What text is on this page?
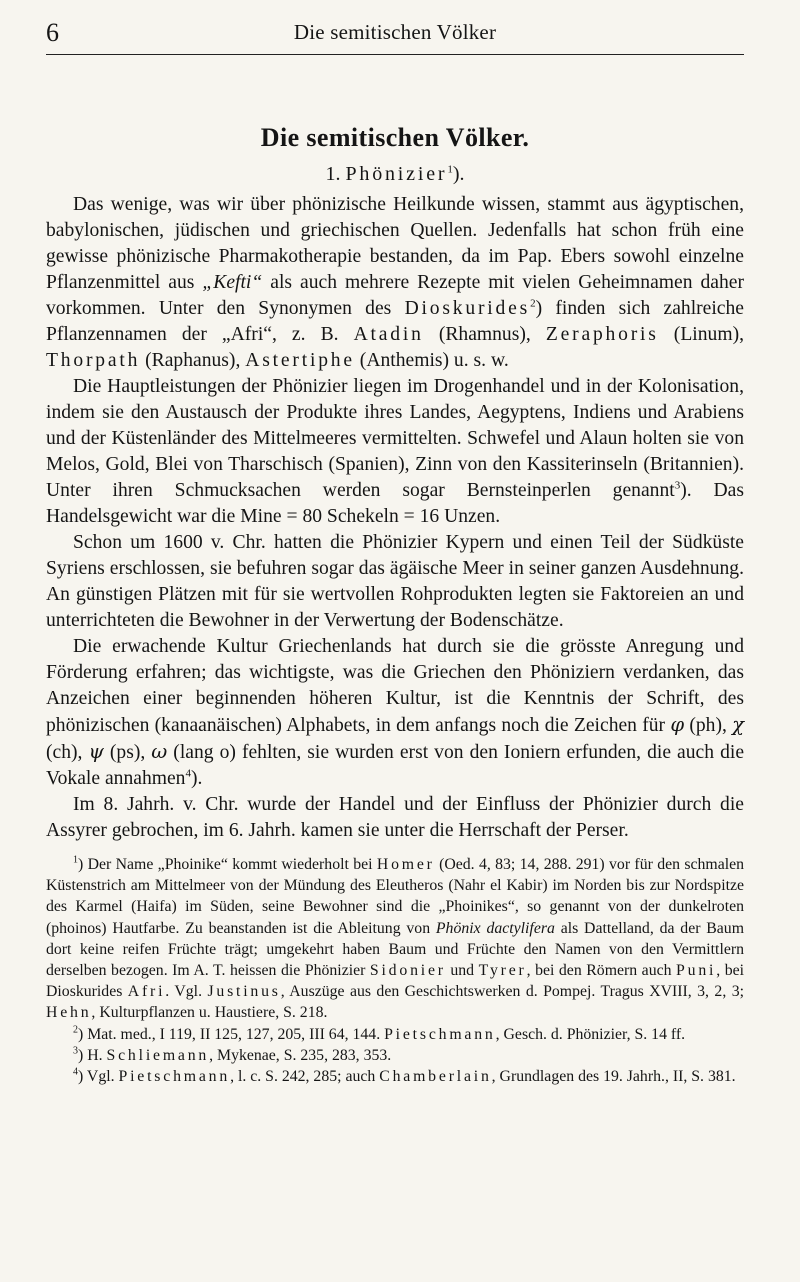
6	Die semitischen Völker
Die semitischen Völker.
1. Phönizier$^1$).

Das wenige, was wir über phönizische Heilkunde wissen, stammt aus ägyptischen, babylonischen, jüdischen und griechischen Quellen. Jedenfalls hat schon früh eine gewisse phönizische Pharmakotherapie bestanden, da im Pap. Ebers sowohl einzelne Pflanzenmittel aus „Kefti“ als auch mehrere Rezepte mit vielen Geheimnamen daher vorkommen. Unter den Synonymen des Dioskurides$^2$) finden sich zahlreiche Pflanzennamen der „Afri“, z. B. Atadin (Rhamnus), Zeraphoris (Linum), Thorpath (Raphanus), Astertiphe (Anthemis) u. s. w.

Die Hauptleistungen der Phönizier liegen im Drogenhandel und in der Kolonisation, indem sie den Austausch der Produkte ihres Landes, Aegyptens, Indiens und Arabiens und der Küstenländer des Mittelmeeres vermittelten. Schwefel und Alaun holten sie von Melos, Gold, Blei von Tharschisch (Spanien), Zinn von den Kassiterinseln (Britannien). Unter ihren Schmucksachen werden sogar Bernsteinperlen genannt$^3$). Das Handelsgewicht war die Mine = 80 Schekeln = 16 Unzen.

Schon um 1600 v. Chr. hatten die Phönizier Kypern und einen Teil der Südküste Syriens erschlossen, sie befuhren sogar das ägäische Meer in seiner ganzen Ausdehnung. An günstigen Plätzen mit für sie wertvollen Rohprodukten legten sie Faktoreien an und unterrichteten die Bewohner in der Verwertung der Bodenschätze.

Die erwachende Kultur Griechenlands hat durch sie die grösste Anregung und Förderung erfahren; das wichtigste, was die Griechen den Phöniziern verdanken, das Anzeichen einer beginnenden höheren Kultur, ist die Kenntnis der Schrift, des phönizischen (kanaanäischen) Alphabets, in dem anfangs noch die Zeichen für φ (ph), χ (ch), ψ (ps), ω (lang o) fehlten, sie wurden erst von den Ioniern erfunden, die auch die Vokale annahmen$^4$).

Im 8. Jahrh. v. Chr. wurde der Handel und der Einfluss der Phönizier durch die Assyrer gebrochen, im 6. Jahrh. kamen sie unter die Herrschaft der Perser.

$^1$) Der Name „Phoinike“ kommt wiederholt bei Homer (Oed. 4, 83; 14, 288. 291) vor für den schmalen Küstenstrich am Mittelmeer von der Mündung des Eleutheros (Nahr el Kabir) im Norden bis zur Nordspitze des Karmel (Haifa) im Süden, seine Bewohner sind die „Phoinikes“, so genannt von der dunkelroten (phoinos) Hautfarbe. Zu beanstanden ist die Ableitung von Phönix dactylifera als Dattelland, da der Baum dort keine reifen Früchte trägt; umgekehrt haben Baum und Früchte den Namen von den Vermittlern derselben bezogen. Im A. T. heissen die Phönizier Sidonier und Tyrer, bei den Römern auch Puni, bei Dioskurides Afri. Vgl. Justinus, Auszüge aus den Geschichtswerken d. Pompej. Tragus XVIII, 3, 2, 3; Hehn, Kulturpflanzen u. Haustiere, S. 218.

$^2$) Mat. med., I 119, II 125, 127, 205, III 64, 144. Pietschmann, Gesch. d. Phönizier, S. 14 ff.

$^3$) H. Schliemann, Mykenae, S. 235, 283, 353.

$^4$) Vgl. Pietschmann, l. c. S. 242, 285; auch Chamberlain, Grundlagen des 19. Jahrh., II, S. 381.
